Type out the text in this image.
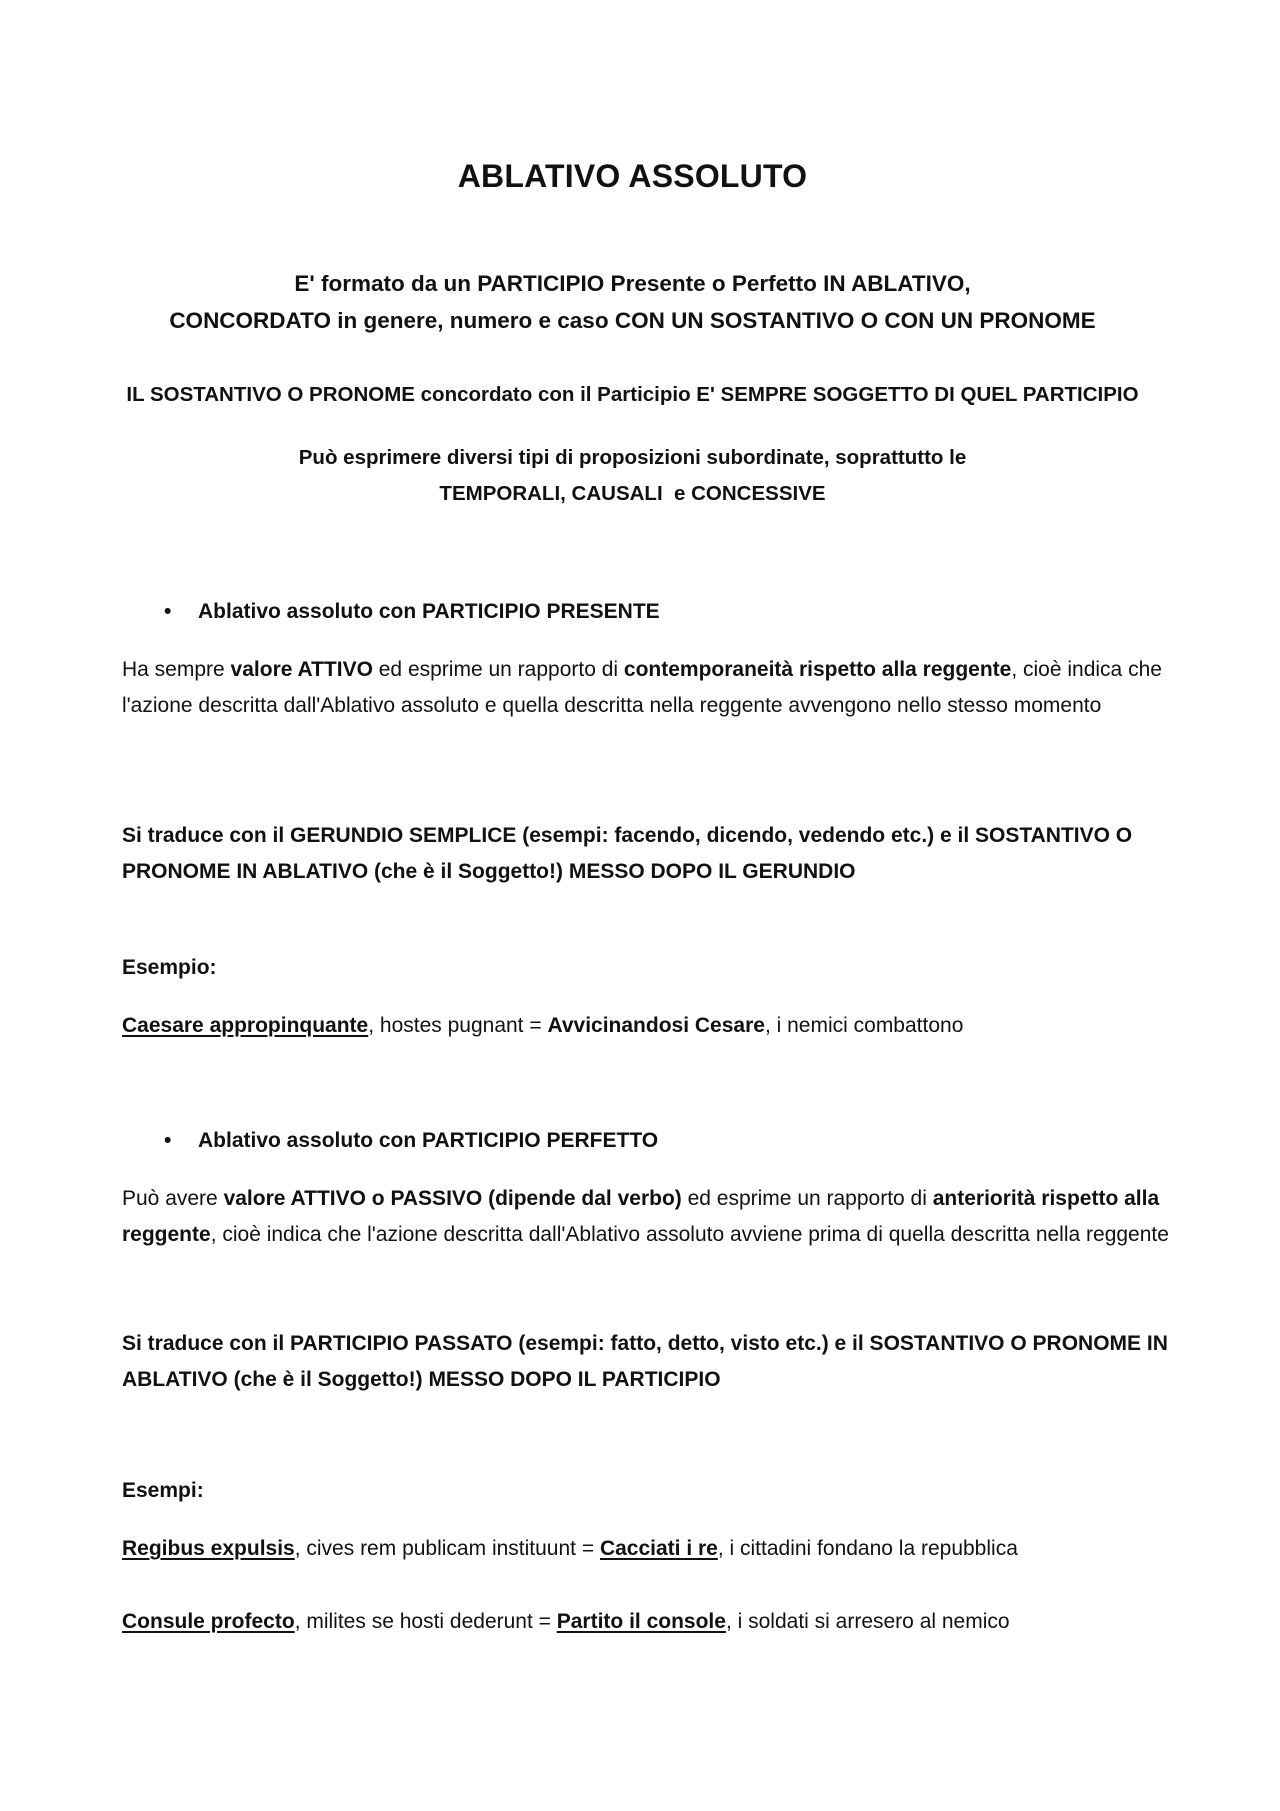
ABLATIVO ASSOLUTO
E' formato da un PARTICIPIO Presente o Perfetto IN ABLATIVO,
CONCORDATO in genere, numero e caso CON UN SOSTANTIVO O CON UN PRONOME
IL SOSTANTIVO O PRONOME concordato con il Participio E' SEMPRE SOGGETTO DI QUEL PARTICIPIO
Può esprimere diversi tipi di proposizioni subordinate, soprattutto le
TEMPORALI, CAUSALI  e CONCESSIVE
• Ablativo assoluto con PARTICIPIO PRESENTE
Ha sempre valore ATTIVO ed esprime un rapporto di contemporaneità rispetto alla reggente, cioè indica che l'azione descritta dall'Ablativo assoluto e quella descritta nella reggente avvengono nello stesso momento
Si traduce con il GERUNDIO SEMPLICE (esempi: facendo, dicendo, vedendo etc.) e il SOSTANTIVO O PRONOME IN ABLATIVO (che è il Soggetto!) MESSO DOPO IL GERUNDIO
Esempio:
Caesare appropinquante, hostes pugnant = Avvicinandosi Cesare, i nemici combattono
• Ablativo assoluto con PARTICIPIO PERFETTO
Può avere valore ATTIVO o PASSIVO (dipende dal verbo) ed esprime un rapporto di anteriorità rispetto alla reggente, cioè indica che l'azione descritta dall'Ablativo assoluto avviene prima di quella descritta nella reggente
Si traduce con il PARTICIPIO PASSATO (esempi: fatto, detto, visto etc.) e il SOSTANTIVO O PRONOME IN ABLATIVO (che è il Soggetto!) MESSO DOPO IL PARTICIPIO
Esempi:
Regibus expulsis, cives rem publicam instituunt = Cacciati i re, i cittadini fondano la repubblica
Consule profecto, milites se hosti dederunt = Partito il console, i soldati si arresero al nemico
